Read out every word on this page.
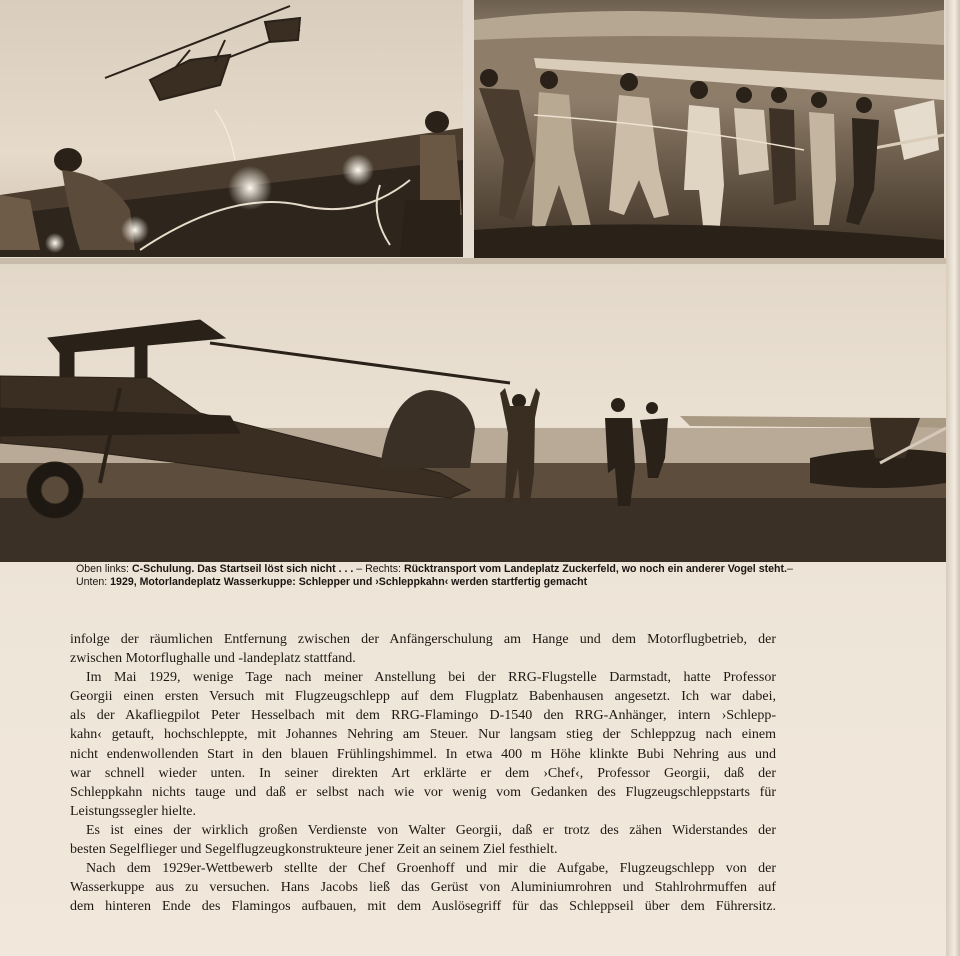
Oben links: C-Schulung. Das Startseil löst sich nicht . . . – Rechts: Rücktransport vom Landeplatz Zuckerfeld, wo noch ein anderer Vogel steht.–
Unten: 1929, Motorlandeplatz Wasserkuppe: Schlepper und ›Schleppkahn‹ werden startfertig gemacht
infolge der räumlichen Entfernung zwischen der Anfängerschulung am Hange und dem Motorflugbetrieb, der
zwischen Motorflughalle und -landeplatz stattfand.
Im Mai 1929, wenige Tage nach meiner Anstellung bei der RRG-Flugstelle Darmstadt, hatte Professor
Georgii einen ersten Versuch mit Flugzeugschlepp auf dem Flugplatz Babenhausen angesetzt. Ich war dabei,
als der Akafliegpilot Peter Hesselbach mit dem RRG-Flamingo D-1540 den RRG-Anhänger, intern ›Schlepp-
kahn‹ getauft, hochschleppte, mit Johannes Nehring am Steuer. Nur langsam stieg der Schleppzug nach einem
nicht endenwollenden Start in den blauen Frühlingshimmel. In etwa 400 m Höhe klinkte Bubi Nehring aus und
war schnell wieder unten. In seiner direkten Art erklärte er dem ›Chef‹, Professor Georgii, daß der
Schleppkahn nichts tauge und daß er selbst nach wie vor wenig vom Gedanken des Flugzeugschleppstarts für
Leistungssegler hielte.
Es ist eines der wirklich großen Verdienste von Walter Georgii, daß er trotz des zähen Widerstandes der
besten Segelflieger und Segelflugzeugkonstrukteure jener Zeit an seinem Ziel festhielt.
Nach dem 1929er-Wettbewerb stellte der Chef Groenhoff und mir die Aufgabe, Flugzeugschlepp von der
Wasserkuppe aus zu versuchen. Hans Jacobs ließ das Gerüst von Aluminiumrohren und Stahlrohrmuffen auf
dem hinteren Ende des Flamingos aufbauen, mit dem Auslösegriff für das Schleppseil über dem Führersitz.
